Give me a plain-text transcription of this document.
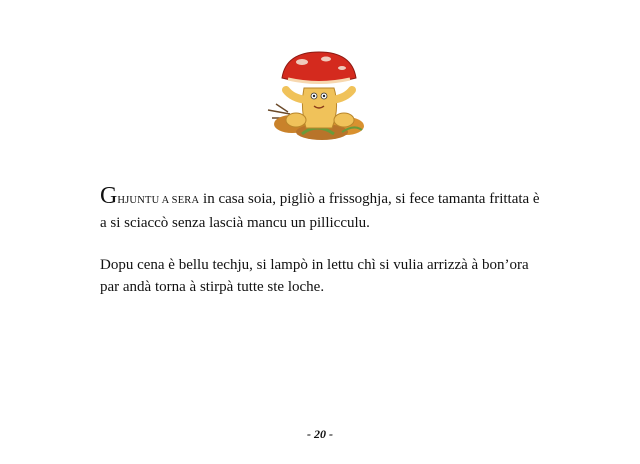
GHJUNTU A SERA in casa soia, pigliò a frissoghja, si fece tamanta frittata è a si sciaccò senza lascià mancu un pillicculu.

Dopu cena è bellu techju, si lampò in lettu chì si vulia arrizzà à bon’ora par andà torna à stirpà tutte ste loche.

- 20 -
